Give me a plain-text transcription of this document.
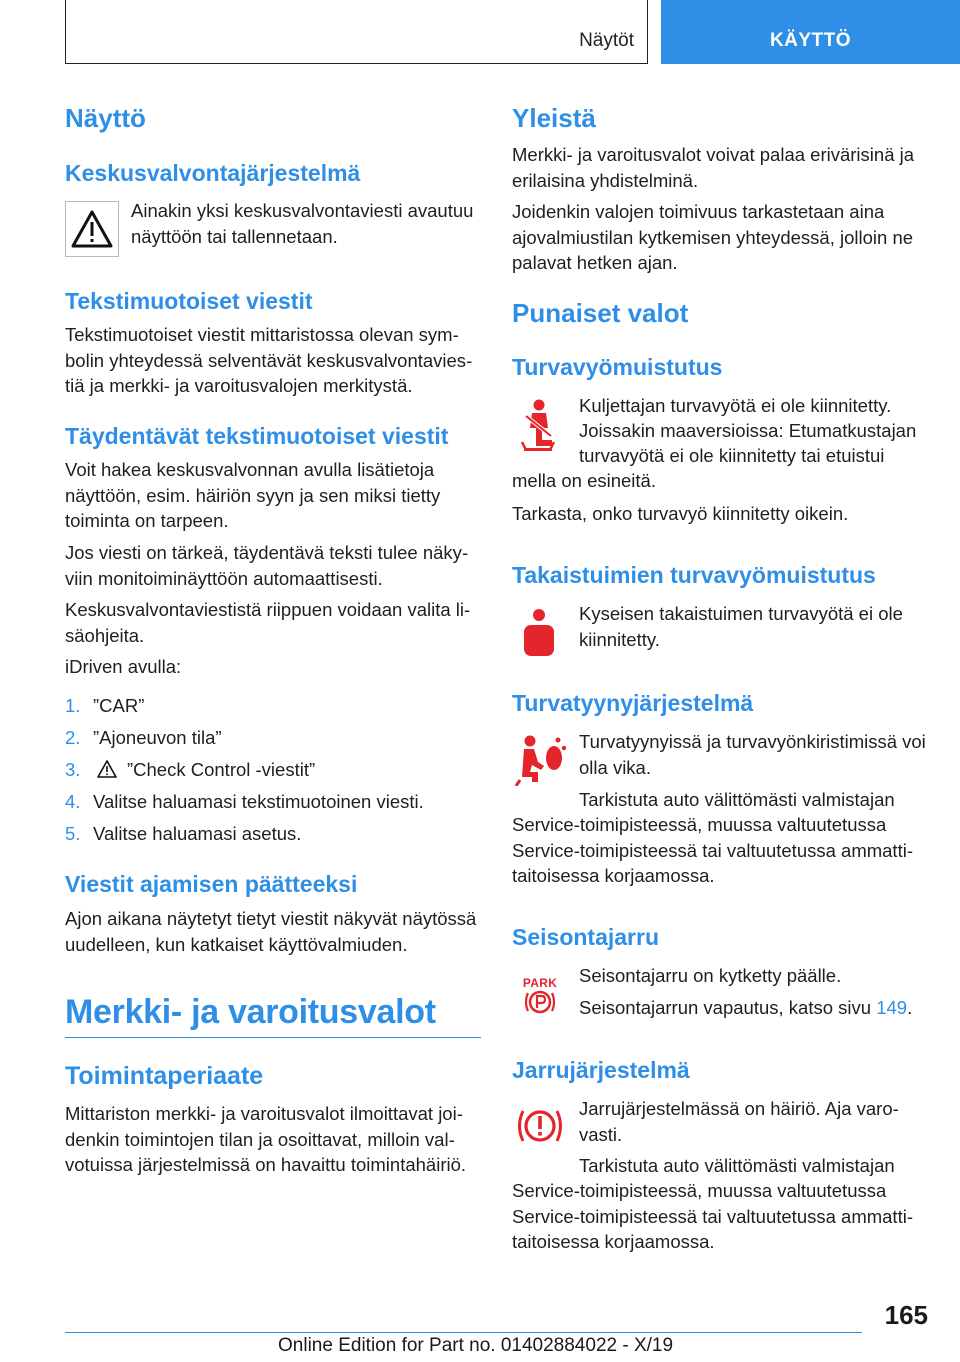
Näytöt	KÄYTTÖ
Näyttö
Keskusvalvontajärjestelmä

Ainakin yksi keskusvalvontaviesti avautuu näyttöön tai tallennetaan.

Tekstimuotoiset viestit

Tekstimuotoiset viestit mittaristossa olevan symbolin yhteydessä selventävät keskusvalvontaviestiä ja merkki- ja varoitusvalojen merkitystä.

Täydentävät tekstimuotoiset viestit

Voit hakea keskusvalvonnan avulla lisätietoja näyttöön, esim. häiriön syyn ja sen miksi tietty toiminta on tarpeen.

Jos viesti on tärkeä, täydentävä teksti tulee näkyviin monitoiminäyttöön automaattisesti.

Keskusvalvontaviestistä riippuen voidaan valita lisäohjeita.

iDriven avulla:

1. ”CAR”
2. ”Ajoneuvon tila”
3.	”Check Control -viestit”
4. Valitse haluamasi tekstimuotoinen viesti.
5. Valitse haluamasi asetus.
Viestit ajamisen päätteeksi

Ajon aikana näytetyt tietyt viestit näkyvät näytössä uudelleen, kun katkaiset käyttövalmiuden.

Merkki- ja varoitusvalot
Toimintaperiaate

Mittariston merkki- ja varoitusvalot ilmoittavat joidenkin toimintojen tilan ja osoittavat, milloin valvotuissa järjestelmissä on havaittu toimintahäiriö.

Yleistä

Merkki- ja varoitusvalot voivat palaa erivärisinä ja erilaisina yhdistelminä.

Joidenkin valojen toimivuus tarkastetaan aina ajovalmiustilan kytkemisen yhteydessä, jolloin ne palavat hetken ajan.

Punaiset valot
Turvavyömuistutus

Kuljettajan turvavyötä ei ole kiinnitetty.

Joissakin maaversioissa: Etumatkustajan

turvavyötä ei ole kiinnitetty tai etuistui

mella on esineitä.

Tarkasta, onko turvavyö kiinnitetty oikein.

Takaistuimien turvavyömuistutus

Kyseisen takaistuimen turvavyötä ei ole kiinnitetty.

Turvatyynyjärjestelmä

Turvatyynyissä ja turvavyönkiristimissä voi olla vika.

Tarkistuta auto välittömästi valmistajan

Service-toimipisteessä, muussa valtuutetussa Service-toimipisteessä tai valtuutetussa ammattitaitoisessa korjaamossa.

Seisontajarru
PARK Seisontajarru on kytketty päälle.

Seisontajarrun vapautus, katso sivu 149.

Jarrujärjestelmä

Jarrujärjestelmässä on häiriö. Aja varovasti.

Tarkistuta auto välittömästi valmistajan

Service-toimipisteessä, muussa valtuutetussa Service-toimipisteessä tai valtuutetussa ammattitaitoisessa korjaamossa.

165
Online Edition for Part no. 01402884022 - X/19
